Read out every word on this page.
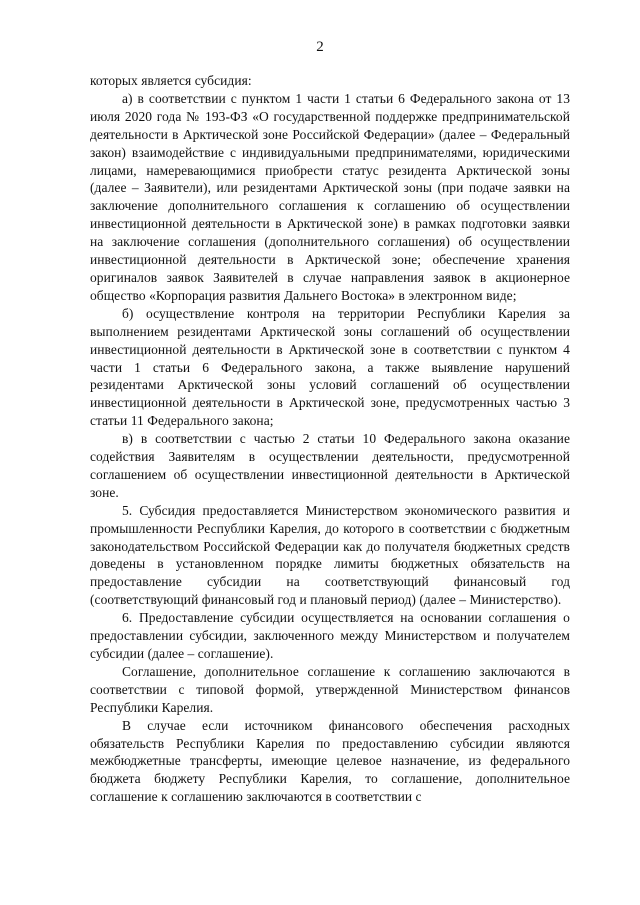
2

которых является субсидия:

а) в соответствии с пунктом 1 части 1 статьи 6 Федерального закона от 13 июля 2020 года № 193-ФЗ «О государственной поддержке предпринимательской деятельности в Арктической зоне Российской Федерации» (далее – Федеральный закон) взаимодействие с индивидуальными предпринимателями, юридическими лицами, намеревающимися приобрести статус резидента Арктической зоны (далее – Заявители), или резидентами Арктической зоны (при подаче заявки на заключение дополнительного соглашения к соглашению об осуществлении инвестиционной деятельности в Арктической зоне) в рамках подготовки заявки на заключение соглашения (дополнительного соглашения) об осуществлении инвестиционной деятельности в Арктической зоне; обеспечение хранения оригиналов заявок Заявителей в случае направления заявок в акционерное общество «Корпорация развития Дальнего Востока» в электронном виде;

б) осуществление контроля на территории Республики Карелия за выполнением резидентами Арктической зоны соглашений об осуществлении инвестиционной деятельности в Арктической зоне в соответствии с пунктом 4 части 1 статьи 6 Федерального закона, а также выявление нарушений резидентами Арктической зоны условий соглашений об осуществлении инвестиционной деятельности в Арктической зоне, предусмотренных частью 3 статьи 11 Федерального закона;

в) в соответствии с частью 2 статьи 10 Федерального закона оказание содействия Заявителям в осуществлении деятельности, предусмотренной соглашением об осуществлении инвестиционной деятельности в Арктической зоне.

5. Субсидия предоставляется Министерством экономического развития и промышленности Республики Карелия, до которого в соответствии с бюджетным законодательством Российской Федерации как до получателя бюджетных средств доведены в установленном порядке лимиты бюджетных обязательств на предоставление субсидии на соответствующий финансовый год (соответствующий финансовый год и плановый период) (далее – Министерство).

6. Предоставление субсидии осуществляется на основании соглашения о предоставлении субсидии, заключенного между Министерством и получателем субсидии (далее – соглашение).

Соглашение, дополнительное соглашение к соглашению заключаются в соответствии с типовой формой, утвержденной Министерством финансов Республики Карелия.

В случае если источником финансового обеспечения расходных обязательств Республики Карелия по предоставлению субсидии являются межбюджетные трансферты, имеющие целевое назначение, из федерального бюджета бюджету Республики Карелия, то соглашение, дополнительное соглашение к соглашению заключаются в соответствии с
